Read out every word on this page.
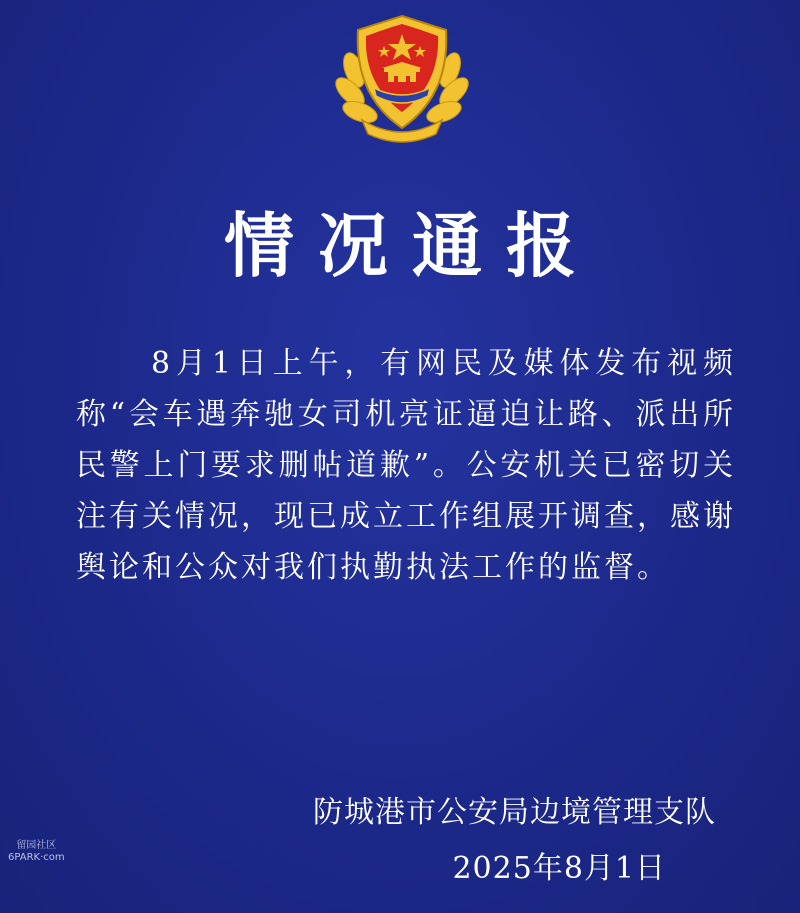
情况通报
8月1日上午，有网民及媒体发布视频称“会车遇奔驰女司机亮证逼迫让路、派出所民警上门要求删帖道歉”。公安机关已密切关注有关情况，现已成立工作组展开调查，感谢舆论和公众对我们执勤执法工作的监督。
防城港市公安局边境管理支队
2025年8月1日
留园社区
6PARK·com
